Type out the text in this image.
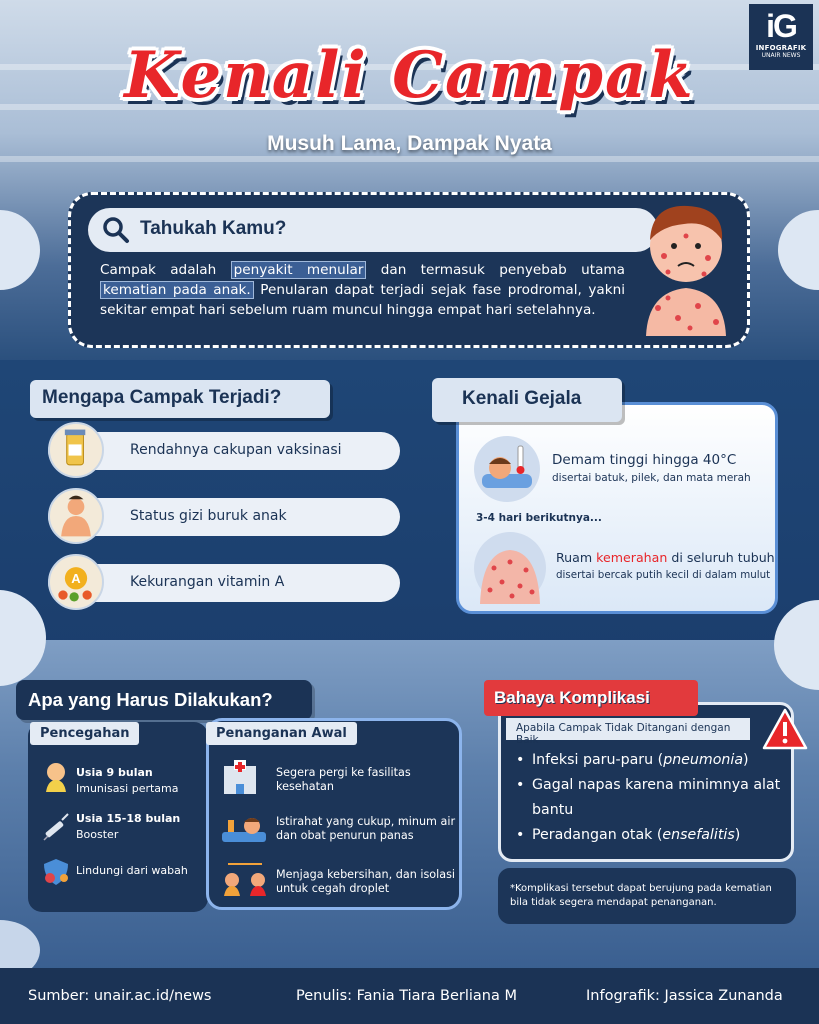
iG
INFOGRAFIK
UNAIR NEWS
Kenali Campak
Musuh Lama, Dampak Nyata
Tahukah Kamu?
Campak adalah penyakit menular dan termasuk penyebab utama kematian pada anak. Penularan dapat terjadi sejak fase prodromal, yakni sekitar empat hari sebelum ruam muncul hingga empat hari setelahnya.
Mengapa Campak Terjadi?
Rendahnya cakupan vaksinasi
Status gizi buruk anak
Kekurangan vitamin A
A
Kenali Gejala
Demam tinggi hingga 40°C
disertai batuk, pilek, dan mata merah
3-4 hari berikutnya...
Ruam kemerahan di seluruh tubuh
disertai bercak putih kecil di dalam mulut
Apa yang Harus Dilakukan?
Pencegahan
Usia 9 bulan
Imunisasi pertama
Usia 15-18 bulan
Booster
Lindungi dari wabah
Penanganan Awal
Segera pergi ke fasilitas kesehatan
Istirahat yang cukup, minum air dan obat penurun panas
Menjaga kebersihan, dan isolasi untuk cegah droplet
Bahaya Komplikasi
Apabila Campak Tidak Ditangani dengan Baik
• Infeksi paru-paru (pneumonia)
• Gagal napas karena minimnya alat bantu
• Peradangan otak (ensefalitis)
*Komplikasi tersebut dapat berujung pada kematian bila tidak segera mendapat penanganan.
Sumber: unair.ac.id/news	Penulis: Fania Tiara Berliana M	Infografik: Jassica Zunanda
